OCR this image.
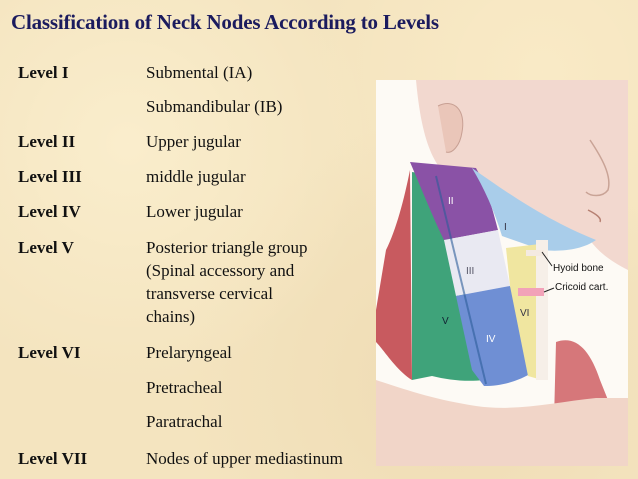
Classification of Neck Nodes According to Levels
Level I	Submental (IA)
Submandibular (IB)
Level II	Upper jugular
Level III	middle jugular
Level IV	Lower jugular
Level V	Posterior triangle group
(Spinal accessory and
transverse cervical
chains)
Level VI	Prelaryngeal
Pretracheal
Paratrachal
Level VII	Nodes of upper mediastinum
II
I
III
IV
V
VI
Hyoid bone
Cricoid cart.
